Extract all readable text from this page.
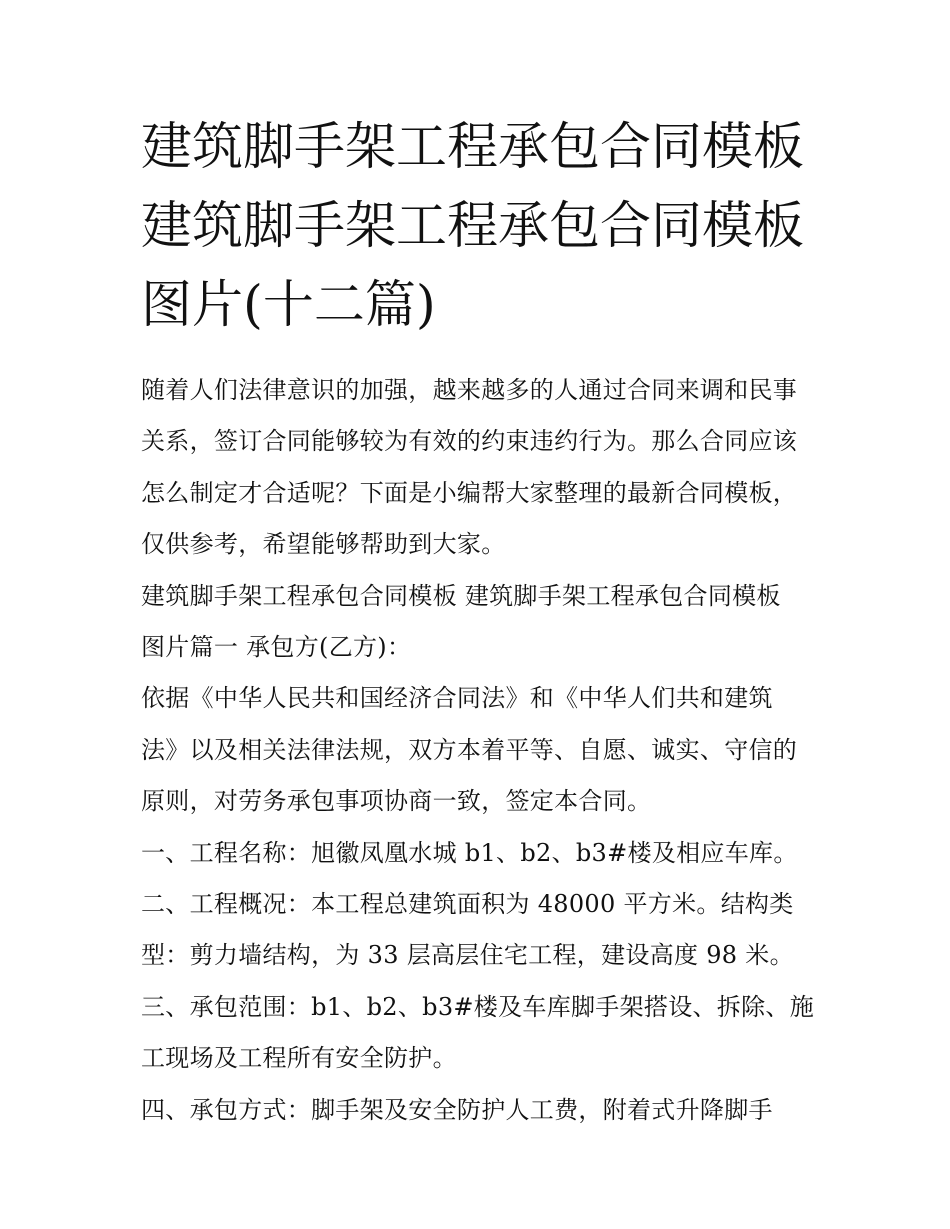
建筑脚手架工程承包合同模板
建筑脚手架工程承包合同模板
图片(十二篇)
随着人们法律意识的加强，越来越多的人通过合同来调和民事
关系，签订合同能够较为有效的约束违约行为。那么合同应该
怎么制定才合适呢？下面是小编帮大家整理的最新合同模板，
仅供参考，希望能够帮助到大家。
建筑脚手架工程承包合同模板 建筑脚手架工程承包合同模板
图片篇一 承包方(乙方)：
依据《中华人民共和国经济合同法》和《中华人们共和建筑
法》以及相关法律法规，双方本着平等、自愿、诚实、守信的
原则，对劳务承包事项协商一致，签定本合同。
一、工程名称：旭徽凤凰水城 b1、b2、b3#楼及相应车库。
二、工程概况：本工程总建筑面积为 48000 平方米。结构类
型：剪力墙结构，为 33 层高层住宅工程，建设高度 98 米。
三、承包范围：b1、b2、b3#楼及车库脚手架搭设、拆除、施
工现场及工程所有安全防护。
四、承包方式：脚手架及安全防护人工费，附着式升降脚手
